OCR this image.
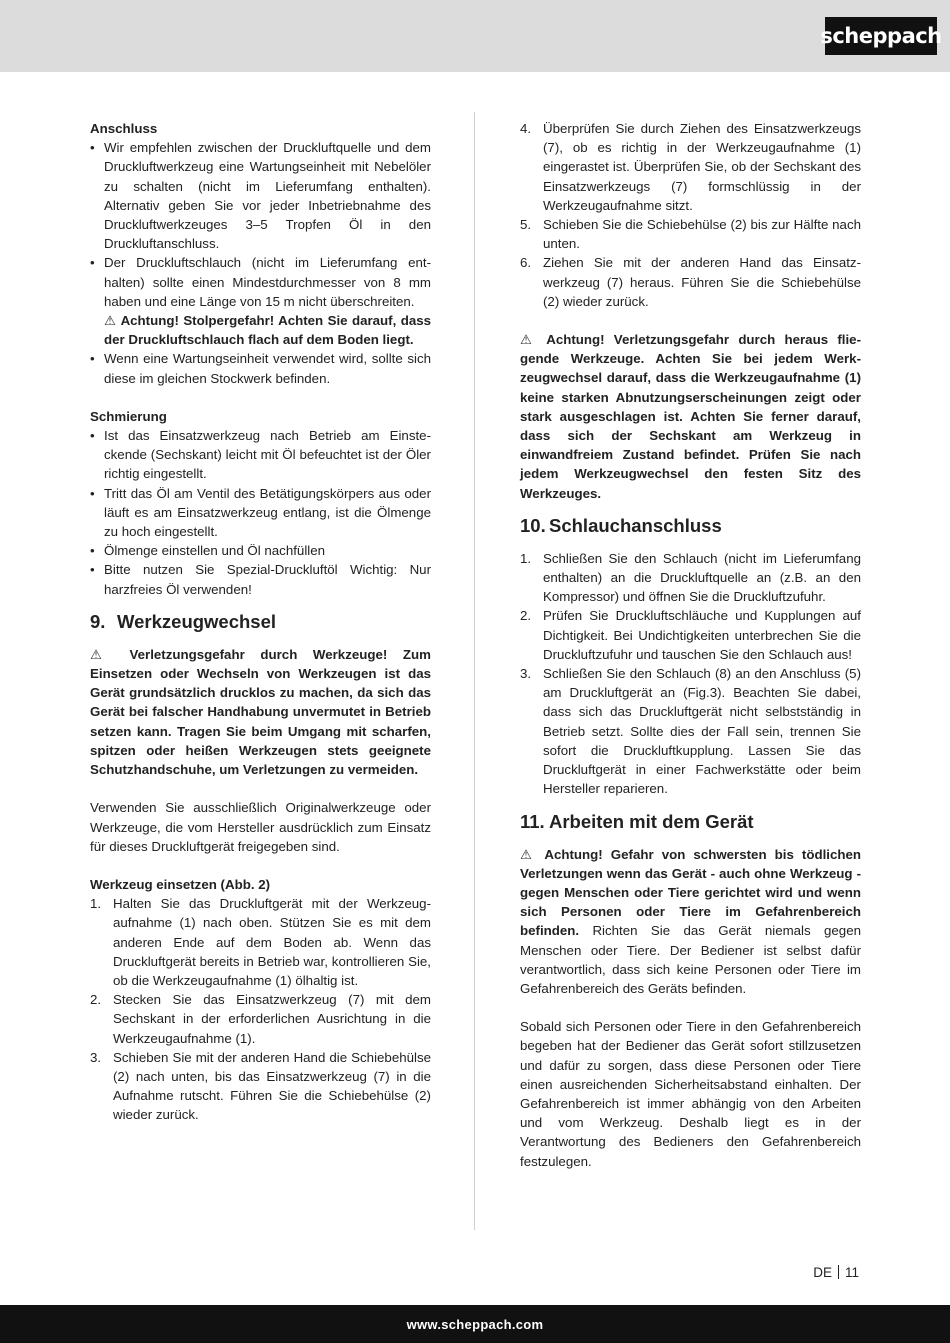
scheppach

Anschluss

• Wir empfehlen zwischen der Druckluftquelle und dem Druckluftwerkzeug eine Wartungseinheit mit Nebelöler zu schalten (nicht im Lieferumfang enthalten). Alternativ geben Sie vor jeder Inbetriebnahme des Druckluftwerkzeuges 3–5 Tropfen Öl in den Druckluftanschluss.
• Der Druckluftschlauch (nicht im Lieferumfang enthalten) sollte einen Mindestdurchmesser von 8 mm haben und eine Länge von 15 m nicht überschreiten.
⚠ Achtung! Stolpergefahr! Achten Sie darauf, dass der Druckluftschlauch flach auf dem Boden liegt.
• Wenn eine Wartungseinheit verwendet wird, sollte sich diese im gleichen Stockwerk befinden.

Schmierung

• Ist das Einsatzwerkzeug nach Betrieb am Einsteckende (Sechskant) leicht mit Öl befeuchtet ist der Öler richtig eingestellt.
• Tritt das Öl am Ventil des Betätigungskörpers aus oder läuft es am Einsatzwerkzeug entlang, ist die Ölmenge zu hoch eingestellt.
• Ölmenge einstellen und Öl nachfüllen
• Bitte nutzen Sie Spezial-Druckluftöl Wichtig: Nur harzfreies Öl verwenden!
9. Werkzeugwechsel

⚠ Verletzungsgefahr durch Werkzeuge! Zum Einsetzen oder Wechseln von Werkzeugen ist das Gerät grundsätzlich drucklos zu machen, da sich das Gerät bei falscher Handhabung unvermutet in Betrieb setzen kann. Tragen Sie beim Umgang mit scharfen, spitzen oder heißen Werkzeugen stets geeignete Schutzhandschuhe, um Verletzungen zu vermeiden.

Verwenden Sie ausschließlich Originalwerkzeuge oder Werkzeuge, die vom Hersteller ausdrücklich zum Einsatz für dieses Druckluftgerät freigegeben sind.

Werkzeug einsetzen (Abb. 2)

1. Halten Sie das Druckluftgerät mit der Werkzeugaufnahme (1) nach oben. Stützen Sie es mit dem anderen Ende auf dem Boden ab. Wenn das Druckluftgerät bereits in Betrieb war, kontrollieren Sie, ob die Werkzeugaufnahme (1) ölhaltig ist.
2. Stecken Sie das Einsatzwerkzeug (7) mit dem Sechskant in der erforderlichen Ausrichtung in die Werkzeugaufnahme (1).
3. Schieben Sie mit der anderen Hand die Schiebehülse (2) nach unten, bis das Einsatzwerkzeug (7) in die Aufnahme rutscht. Führen Sie die Schiebehülse (2) wieder zurück.
4. Überprüfen Sie durch Ziehen des Einsatzwerkzeugs (7), ob es richtig in der Werkzeugaufnahme (1) eingerastet ist. Überprüfen Sie, ob der Sechskant des Einsatzwerkzeugs (7) formschlüssig in der Werkzeugaufnahme sitzt.
5. Schieben Sie die Schiebehülse (2) bis zur Hälfte nach unten.
6. Ziehen Sie mit der anderen Hand das Einsatzwerkzeug (7) heraus. Führen Sie die Schiebehülse (2) wieder zurück.

⚠ Achtung! Verletzungsgefahr durch heraus fliegende Werkzeuge. Achten Sie bei jedem Werkzeugwechsel darauf, dass die Werkzeugaufnahme (1) keine starken Abnutzungserscheinungen zeigt oder stark ausgeschlagen ist. Achten Sie ferner darauf, dass sich der Sechskant am Werkzeug in einwandfreiem Zustand befindet. Prüfen Sie nach jedem Werkzeugwechsel den festen Sitz des Werkzeuges.

10. Schlauchanschluss
1. Schließen Sie den Schlauch (nicht im Lieferumfang enthalten) an die Druckluftquelle an (z.B. an den Kompressor) und öffnen Sie die Druckluftzufuhr.
2. Prüfen Sie Druckluftschläuche und Kupplungen auf Dichtigkeit. Bei Undichtigkeiten unterbrechen Sie die Druckluftzufuhr und tauschen Sie den Schlauch aus!
3. Schließen Sie den Schlauch (8) an den Anschluss (5) am Druckluftgerät an (Fig.3). Beachten Sie dabei, dass sich das Druckluftgerät nicht selbstständig in Betrieb setzt. Sollte dies der Fall sein, trennen Sie sofort die Druckluftkupplung. Lassen Sie das Druckluftgerät in einer Fachwerkstätte oder beim Hersteller reparieren.
11. Arbeiten mit dem Gerät

⚠ Achtung! Gefahr von schwersten bis tödlichen Verletzungen wenn das Gerät - auch ohne Werkzeug - gegen Menschen oder Tiere gerichtet wird und wenn sich Personen oder Tiere im Gefahrenbereich befinden. Richten Sie das Gerät niemals gegen Menschen oder Tiere. Der Bediener ist selbst dafür verantwortlich, dass sich keine Personen oder Tiere im Gefahrenbereich des Geräts befinden.

Sobald sich Personen oder Tiere in den Gefahrenbereich begeben hat der Bediener das Gerät sofort stillzusetzen und dafür zu sorgen, dass diese Personen oder Tiere einen ausreichenden Sicherheitsabstand einhalten. Der Gefahrenbereich ist immer abhängig von den Arbeiten und vom Werkzeug. Deshalb liegt es in der Verantwortung des Bedieners den Gefahrenbereich festzulegen.

DE 11
www.scheppach.com
